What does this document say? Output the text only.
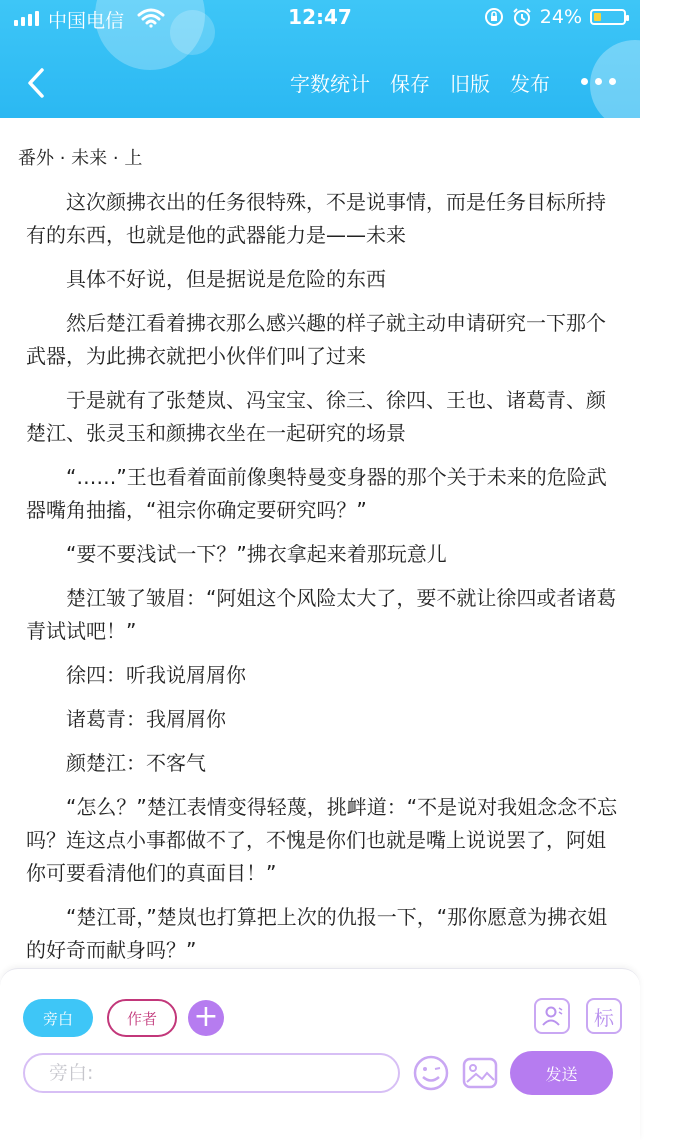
中国电信	12:47	24%
字数统计 保存 旧版 发布
番外 · 未来 · 上

这次颜拂衣出的任务很特殊，不是说事情，而是任务目标所持有的东西，也就是他的武器能力是——未来

具体不好说，但是据说是危险的东西

然后楚江看着拂衣那么感兴趣的样子就主动申请研究一下那个武器，为此拂衣就把小伙伴们叫了过来

于是就有了张楚岚、冯宝宝、徐三、徐四、王也、诸葛青、颜楚江、张灵玉和颜拂衣坐在一起研究的场景

“……”王也看着面前像奥特曼变身器的那个关于未来的危险武器嘴角抽搐，“祖宗你确定要研究吗？”

“要不要浅试一下？”拂衣拿起来着那玩意儿

楚江皱了皱眉：“阿姐这个风险太大了，要不就让徐四或者诸葛青试试吧！”

徐四：听我说屑屑你

诸葛青：我屑屑你

颜楚江：不客气

“怎么？”楚江表情变得轻蔑，挑衅道：“不是说对我姐念念不忘吗？连这点小事都做不了，不愧是你们也就是嘴上说说罢了，阿姐你可要看清他们的真面目！”

“楚江哥，”楚岚也打算把上次的仇报一下，“那你愿意为拂衣姐的好奇而献身吗？”

旁白	作者	+	标
旁白:
发送
